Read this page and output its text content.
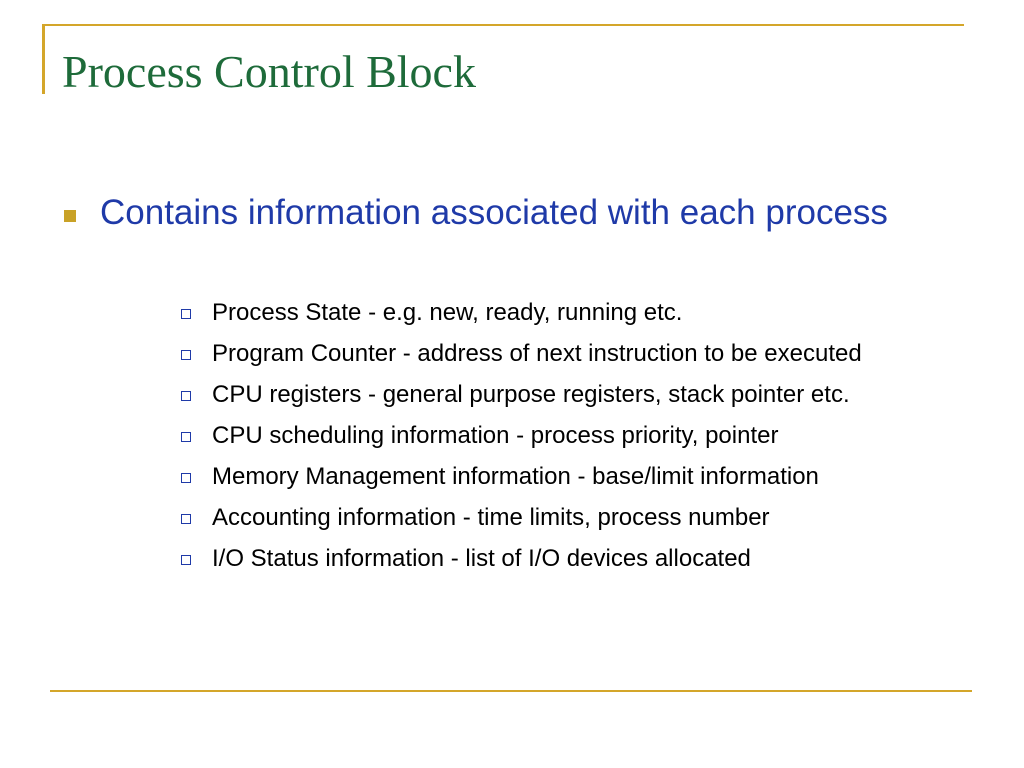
Process Control Block

Contains information associated with each process

Process State - e.g. new, ready, running etc.
Program Counter - address of next instruction to be executed
CPU registers - general purpose registers, stack pointer etc.
CPU scheduling information - process priority, pointer
Memory Management information - base/limit information
Accounting information - time limits, process number
I/O Status information - list of I/O devices allocated
